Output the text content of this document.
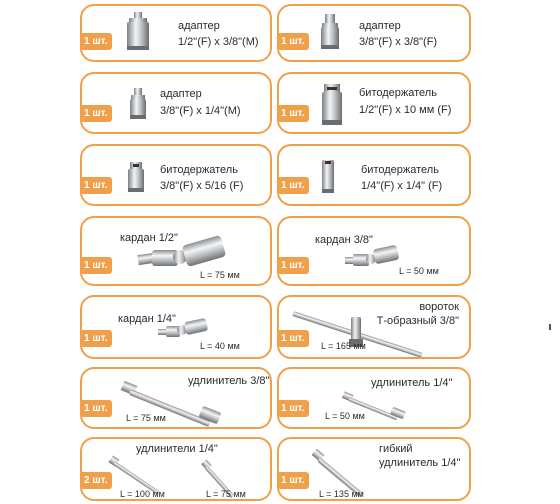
адаптер
1/2"(F) x 3/8"(M)
1 шт.
адаптер
3/8"(F) x 3/8"(F)
1 шт.
адаптер
3/8"(F) x 1/4"(M)
1 шт.
битодержатель
1/2"(F) x 10 мм (F)
1 шт.
битодержатель
3/8"(F) x 5/16 (F)
1 шт.
битодержатель
1/4"(F) x 1/4" (F)
1 шт.
кардан 1/2"
L = 75 мм
1 шт.
кардан 3/8"
L = 50 мм
1 шт.
кардан 1/4"
L = 40 мм
1 шт.
вороток
Т-образный 3/8"
L = 165 мм
1 шт.
удлинитель 3/8"
L = 75 мм
1 шт.
удлинитель 1/4"
L = 50 мм
1 шт.
удлинители 1/4"
L = 100 мм	L = 75 мм
2 шт.
гибкий
удлинитель 1/4"
L = 135 мм
1 шт.
